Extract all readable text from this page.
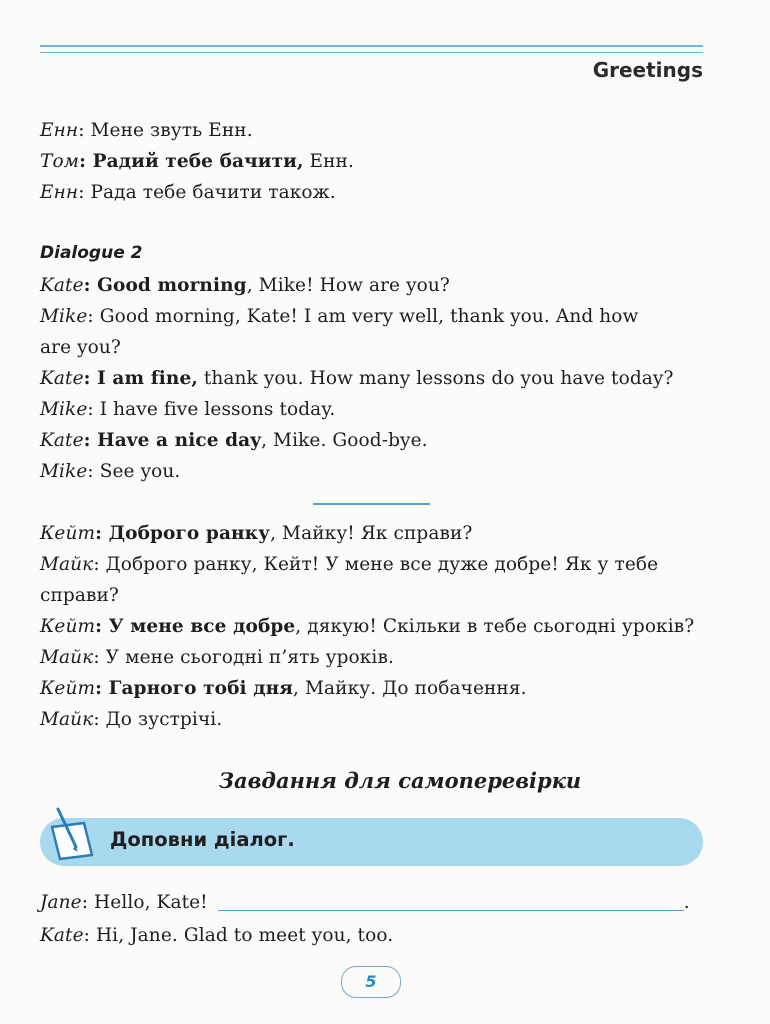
Greetings
Енн: Мене звуть Енн.
Том: Радий тебе бачити, Енн.
Енн: Рада тебе бачити також.
Dialogue 2
Kate: Good morning, Mike! How are you?
Mike: Good morning, Kate! I am very well, thank you. And how
are you?
Kate: I am fine, thank you. How many lessons do you have today?
Mike: I have five lessons today.
Kate: Have a nice day, Mike. Good-bye.
Mike: See you.
Кейт: Доброго ранку, Майку! Як справи?
Майк: Доброго ранку, Кейт! У мене все дуже добре! Як у тебе
справи?
Кейт: У мене все добре, дякую! Скільки в тебе сьогодні уроків?
Майк: У мене сьогодні п’ять уроків.
Кейт: Гарного тобі дня, Майку. До побачення.
Майк: До зустрічі.
Завдання для самоперевірки
Доповни діалог.
Jane: Hello, Kate!	.
Kate: Hi, Jane. Glad to meet you, too.
5
